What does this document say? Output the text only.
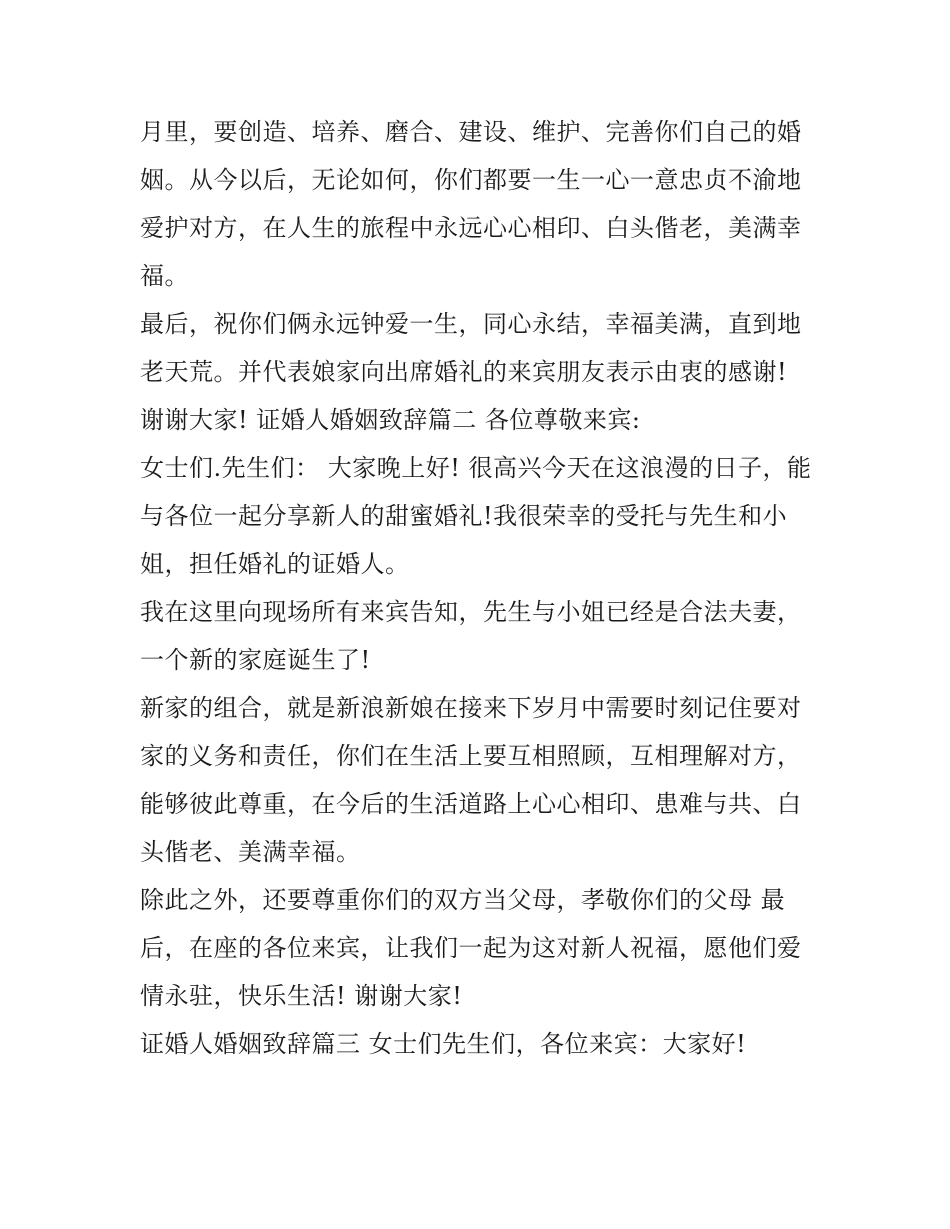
月里，要创造、培养、磨合、建设、维护、完善你们自己的婚
姻。从今以后，无论如何，你们都要一生一心一意忠贞不渝地
爱护对方，在人生的旅程中永远心心相印、白头偕老，美满幸
福。
最后，祝你们俩永远钟爱一生，同心永结，幸福美满，直到地
老天荒。并代表娘家向出席婚礼的来宾朋友表示由衷的感谢!
谢谢大家! 证婚人婚姻致辞篇二 各位尊敬来宾:
女士们.先生们： 大家晚上好! 很高兴今天在这浪漫的日子，能
与各位一起分享新人的甜蜜婚礼!我很荣幸的受托与先生和小
姐，担任婚礼的证婚人。
我在这里向现场所有来宾告知，先生与小姐已经是合法夫妻，
一个新的家庭诞生了!
新家的组合，就是新浪新娘在接来下岁月中需要时刻记住要对
家的义务和责任，你们在生活上要互相照顾，互相理解对方，
能够彼此尊重，在今后的生活道路上心心相印、患难与共、白
头偕老、美满幸福。
除此之外，还要尊重你们的双方当父母，孝敬你们的父母 最
后，在座的各位来宾，让我们一起为这对新人祝福，愿他们爱
情永驻，快乐生活! 谢谢大家!
证婚人婚姻致辞篇三 女士们先生们，各位来宾：大家好!
